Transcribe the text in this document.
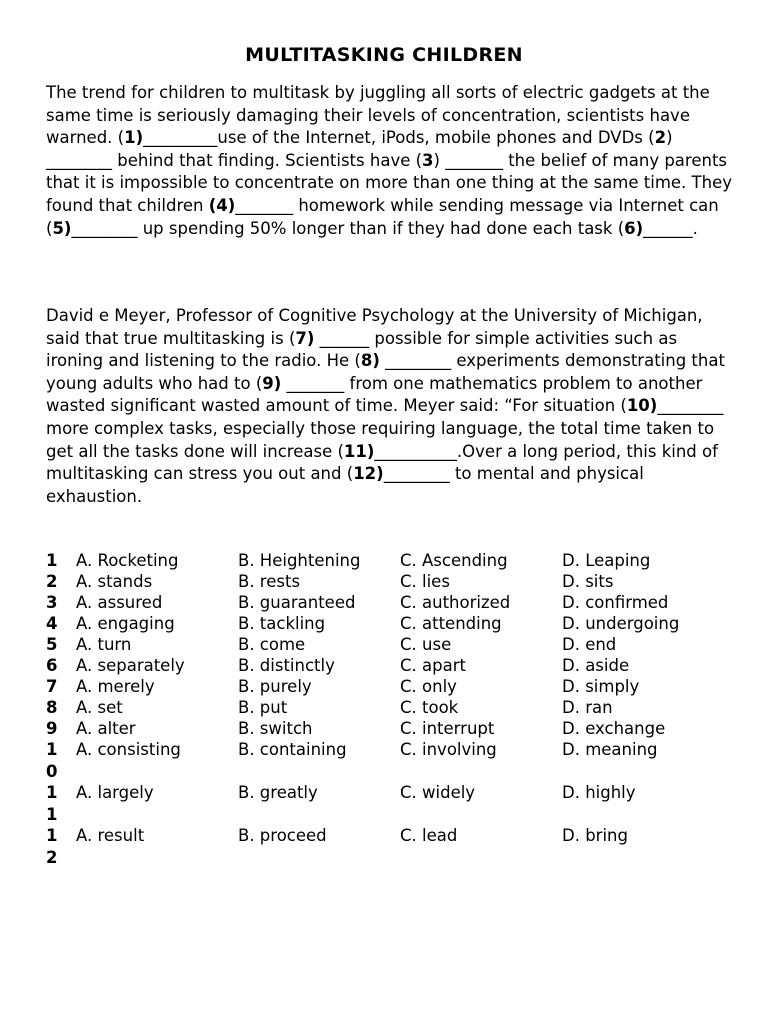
MULTITASKING CHILDREN

The trend for children to multitask by juggling all sorts of electric gadgets at the same time is seriously damaging their levels of concentration, scientists have warned. (1)_________use of the Internet, iPods, mobile phones and DVDs (2) ________ behind that finding. Scientists have (3) _______ the belief of many parents that it is impossible to concentrate on more than one thing at the same time. They found that children (4)_______ homework while sending message via Internet can (5)________ up spending 50% longer than if they had done each task (6)______.

David e Meyer, Professor of Cognitive Psychology at the University of Michigan, said that true multitasking is (7) ______ possible for simple activities such as ironing and listening to the radio. He (8) ________ experiments demonstrating that young adults who had to (9) _______ from one mathematics problem to another wasted significant wasted amount of time. Meyer said: “For situation (10)________ more complex tasks, especially those requiring language, the total time taken to get all the tasks done will increase (11)__________.Over a long period, this kind of multitasking can stress you out and (12)________ to mental and physical exhaustion.

1 A. Rocketing	B. Heightening C. Ascending	D. Leaping
2 A. stands	B. rests	C. lies	D. sits
3 A. assured	B. guaranteed	C. authorized	D. confirmed
4 A. engaging	B. tackling	C. attending	D. undergoing
5 A. turn	B. come	C. use	D. end
6 A. separately	B. distinctly	C. apart	D. aside
7 A. merely	B. purely	C. only	D. simply
8 A. set	B. put	C. took	D. ran
9 A. alter	B. switch	C. interrupt	D. exchange
10
A. consisting	B. containing	C. involving	D. meaning
11
A. largely	B. greatly	C. widely	D. highly
12
A. result	B. proceed	C. lead	D. bring
